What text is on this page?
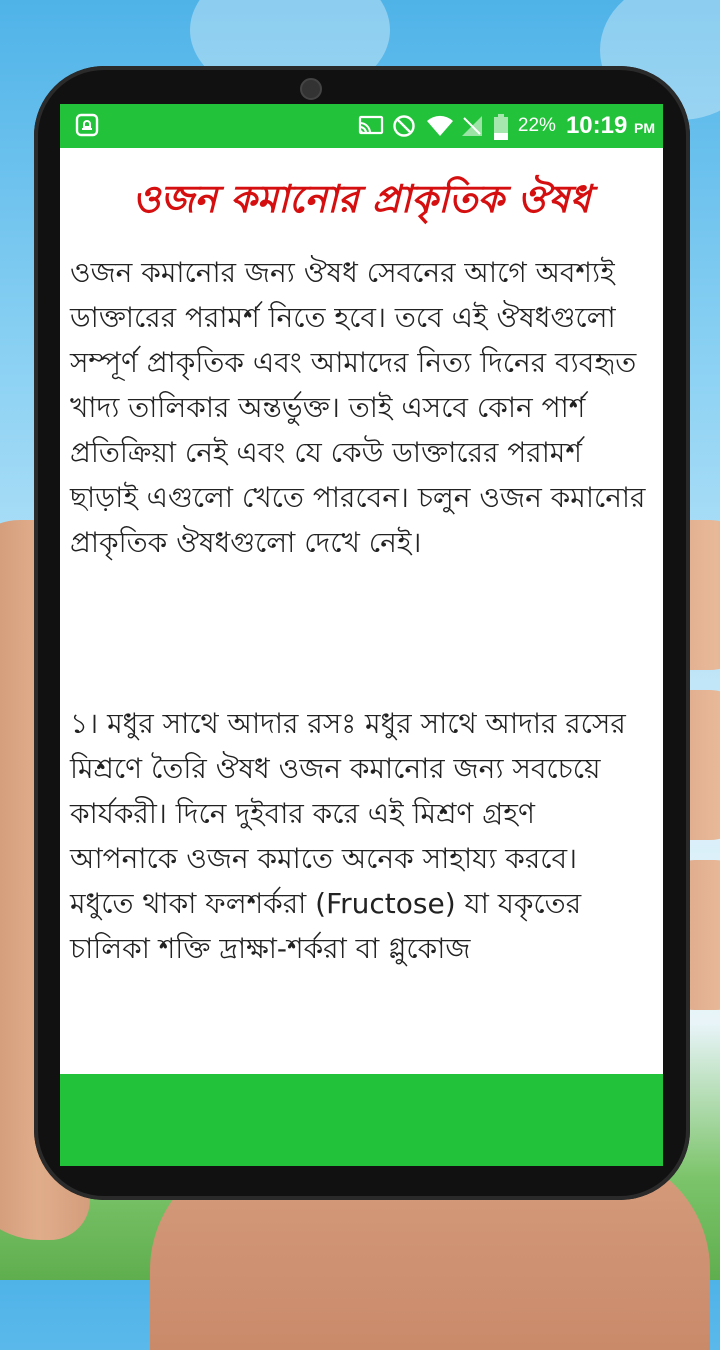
22% 10:19 PM
ওজন কমানোর প্রাকৃতিক ঔষধ

ওজন কমানোর জন্য ঔষধ সেবনের আগে অবশ্যই ডাক্তারের পরামর্শ নিতে হবে। তবে এই ঔষধগুলো সম্পূর্ণ প্রাকৃতিক এবং আমাদের নিত্য দিনের ব্যবহৃত খাদ্য তালিকার অন্তর্ভুক্ত। তাই এসবে কোন পার্শ প্রতিক্রিয়া নেই এবং যে কেউ ডাক্তারের পরামর্শ ছাড়াই এগুলো খেতে পারবেন। চলুন ওজন কমানোর প্রাকৃতিক ঔষধগুলো দেখে নেই।

১। মধুর সাথে আদার রসঃ মধুর সাথে আদার রসের মিশ্রণে তৈরি ঔষধ ওজন কমানোর জন্য সবচেয়ে কার্যকরী। দিনে দুইবার করে এই মিশ্রণ গ্রহণ আপনাকে ওজন কমাতে অনেক সাহায্য করবে। মধুতে থাকা ফলশর্করা (Fructose) যা যকৃতের চালিকা শক্তি দ্রাক্ষা-শর্করা বা গ্লুকোজ
